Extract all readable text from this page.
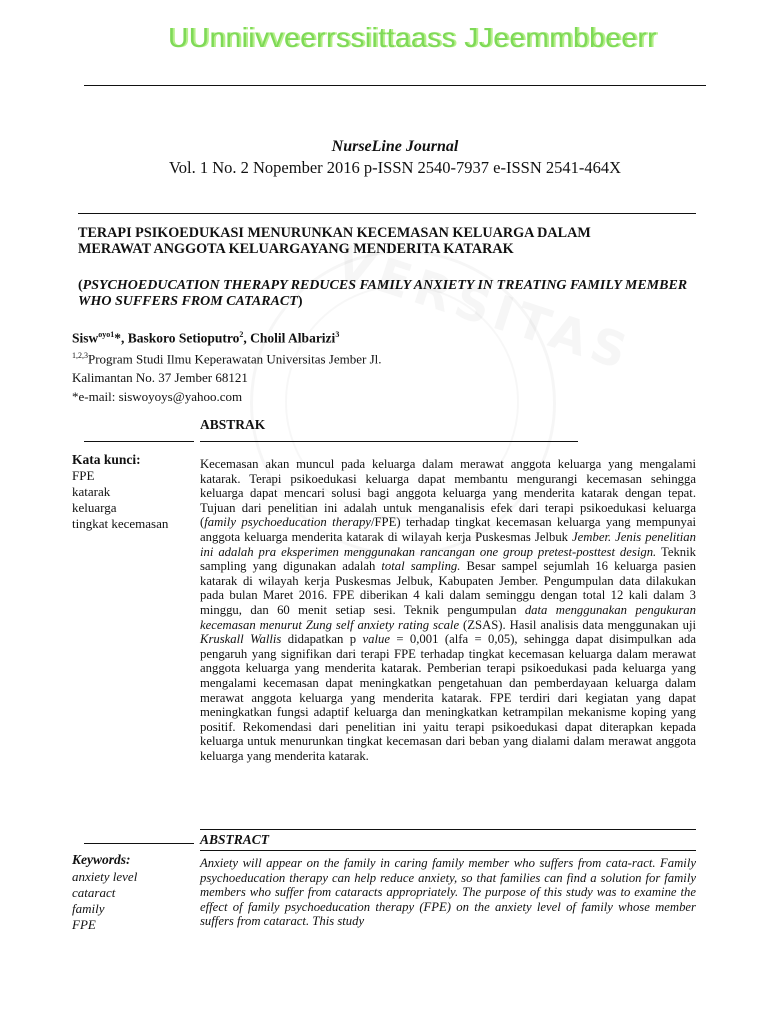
UUnniivveerrssiittaass JJeemmbbeerr
NurseLine Journal
Vol. 1 No. 2 Nopember 2016 p-ISSN 2540-7937 e-ISSN 2541-464X
TERAPI PSIKOEDUKASI MENURUNKAN KECEMASAN KELUARGA DALAM
MERAWAT ANGGOTA KELUARGAYANG MENDERITA KATARAK
(PSYCHOEDUCATION THERAPY REDUCES FAMILY ANXIETY IN TREATING FAMILY MEMBER WHO SUFFERS FROM CATARACT)
Sisw$^{oyo1}$*, Baskoro Setioputro$^2$, Cholil Albarizi$^3$
$^{1,2,3}$Program Studi Ilmu Keperawatan Universitas Jember Jl.
Kalimantan No. 37 Jember 68121
*e-mail: siswoyoys@yahoo.com
ABSTRAK
Kata kunci:
FPE
katarak
keluarga
tingkat kecemasan

Kecemasan akan muncul pada keluarga dalam merawat anggota keluarga yang mengalami katarak. Terapi psikoedukasi keluarga dapat membantu mengurangi kecemasan sehingga keluarga dapat mencari solusi bagi anggota keluarga yang menderita katarak dengan tepat. Tujuan dari penelitian ini adalah untuk menganalisis efek dari terapi psikoedukasi keluarga (family psychoeducation therapy/FPE) terhadap tingkat kecemasan keluarga yang mempunyai anggota keluarga menderita katarak di wilayah kerja Puskesmas Jelbuk Jember. Jenis penelitian ini adalah pra eksperimen menggunakan rancangan one group pretest-posttest design. Teknik sampling yang digunakan adalah total sampling. Besar sampel sejumlah 16 keluarga pasien katarak di wilayah kerja Puskesmas Jelbuk, Kabupaten Jember. Pengumpulan data dilakukan pada bulan Maret 2016. FPE diberikan 4 kali dalam seminggu dengan total 12 kali dalam 3 minggu, dan 60 menit setiap sesi. Teknik pengumpulan data menggunakan pengukuran kecemasan menurut Zung self anxiety rating scale (ZSAS). Hasil analisis data menggunakan uji Kruskall Wallis didapatkan p value = 0,001 (alfa = 0,05), sehingga dapat disimpulkan ada pengaruh yang signifikan dari terapi FPE terhadap tingkat kecemasan keluarga dalam merawat anggota keluarga yang menderita katarak. Pemberian terapi psikoedukasi pada keluarga yang mengalami kecemasan dapat meningkatkan pengetahuan dan pemberdayaan keluarga dalam merawat anggota keluarga yang menderita katarak. FPE terdiri dari kegiatan yang dapat meningkatkan fungsi adaptif keluarga dan meningkatkan ketrampilan mekanisme koping yang positif. Rekomendasi dari penelitian ini yaitu terapi psikoedukasi dapat diterapkan kepada keluarga untuk menurunkan tingkat kecemasan dari beban yang dialami dalam merawat anggota keluarga yang menderita katarak.

ABSTRACT
Keywords:
anxiety level
cataract
family
FPE

Anxiety will appear on the family in caring family member who suffers from cata-ract. Family psychoeducation therapy can help reduce anxiety, so that families can find a solution for family members who suffer from cataracts appropriately. The purpose of this study was to examine the effect of family psychoeducation therapy (FPE) on the anxiety level of family whose member suffers from cataract. This study
